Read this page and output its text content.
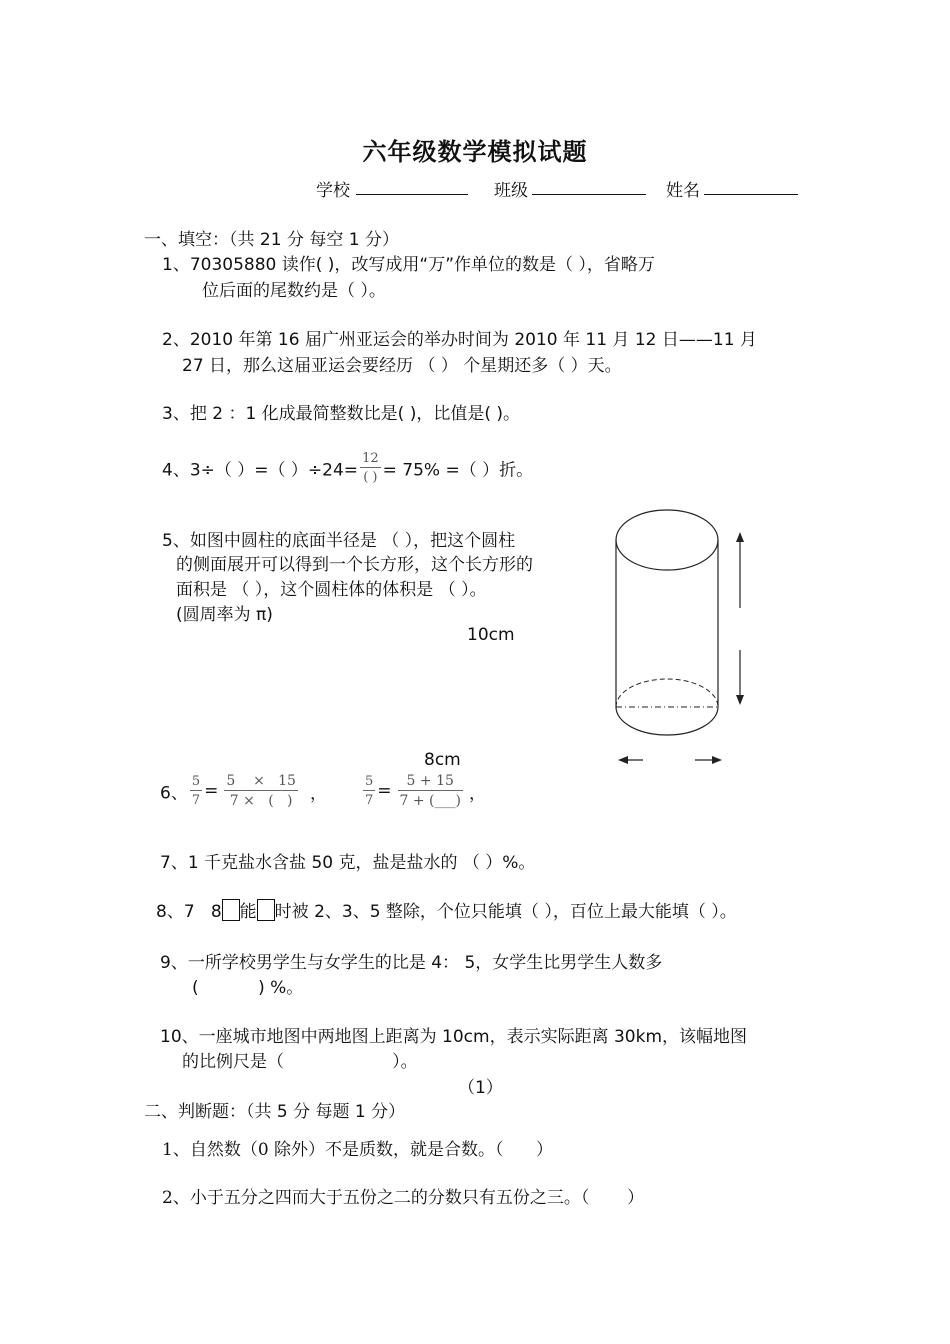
六年级数学模拟试题
学校	班级	姓名
一、填空：（共 21 分 每空 1 分）
1、70305880 读作( )，改写成用“万”作单位的数是（ ），省略万
位后面的尾数约是（ ）。
2、2010 年第 16 届广州亚运会的举办时间为 2010 年 11 月 12 日——11 月
27 日，那么这届亚运会要经历 （ ） 个星期还多（ ）天。
3、把 2 ：1 化成最简整数比是( )，比值是( )。
4、3÷（ ）=（ ）$\div 24= \frac{12}{( )} = 75\%$ =（ ）折。
5、如图中圆柱的底面半径是 （ ），把这个圆柱
的侧面展开可以得到一个长方形，这个长方形的
面积是 （ ），这个圆柱体的体积是 （ ）。
(圆周率为 π)
10cm
8cm
6、 $\frac{5}{7} = \frac{5 \times 15}{7 \times ( )}$ ，	$\frac{5}{7} = \frac{5 + 15}{7 + (\_\_\_)}$ ，
7、1 千克盐水含盐 50 克，盐是盐水的 （ ）%。
8、7   8 能 时被 2、3、5 整除，个位只能填（ ），百位上最大能填（ ）。
9、一所学校男学生与女学生的比是 4： 5，女学生比男学生人数多
(           ) %。
10、一座城市地图中两地图上距离为 10cm，表示实际距离 30km，该幅地图
的比例尺是（                    ）。
（1）
二、判断题：（共 5 分 每题 1 分）
1、自然数（0 除外）不是质数，就是合数。（      ）
2、小于五分之四而大于五份之二的分数只有五份之三。（       ）
